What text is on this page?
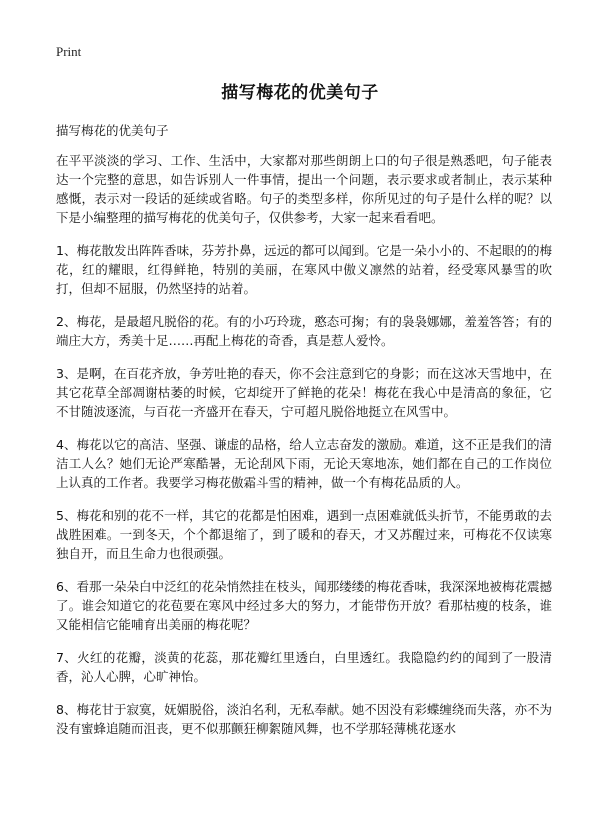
Print
描写梅花的优美句子

描写梅花的优美句子

在平平淡淡的学习、工作、生活中，大家都对那些朗朗上口的句子很是熟悉吧，句子能表达一个完整的意思，如告诉别人一件事情，提出一个问题，表示要求或者制止，表示某种感慨，表示对一段话的延续或省略。句子的类型多样，你所见过的句子是什么样的呢？以下是小编整理的描写梅花的优美句子，仅供参考，大家一起来看看吧。

1、梅花散发出阵阵香味，芬芳扑鼻，远远的都可以闻到。它是一朵小小的、不起眼的的梅花，红的耀眼，红得鲜艳，特别的美丽，在寒风中傲义凛然的站着，经受寒风暴雪的吹打，但却不屈服，仍然坚持的站着。

2、梅花，是最超凡脱俗的花。有的小巧玲珑，憨态可掬；有的袅袅娜娜，羞羞答答；有的端庄大方，秀美十足……再配上梅花的奇香，真是惹人爱怜。

3、是啊，在百花齐放，争芳吐艳的春天，你不会注意到它的身影；而在这冰天雪地中，在其它花草全部凋谢枯萎的时候，它却绽开了鲜艳的花朵！梅花在我心中是清高的象征，它不甘随波逐流，与百花一齐盛开在春天，宁可超凡脱俗地挺立在风雪中。

4、梅花以它的高洁、坚强、谦虚的品格，给人立志奋发的激励。难道，这不正是我们的清洁工人么？她们无论严寒酷暑，无论刮风下雨，无论天寒地冻，她们都在自己的工作岗位上认真的工作者。我要学习梅花傲霜斗雪的精神，做一个有梅花品质的人。

5、梅花和别的花不一样，其它的花都是怕困难，遇到一点困难就低头折节，不能勇敢的去战胜困难。一到冬天，个个都退缩了，到了暖和的春天，才又苏醒过来，可梅花不仅读寒独自开，而且生命力也很顽强。

6、看那一朵朵白中泛红的花朵悄然挂在枝头，闻那缕缕的梅花香味，我深深地被梅花震撼了。谁会知道它的花苞要在寒风中经过多大的努力，才能带伤开放？看那枯瘦的枝条，谁又能相信它能哺育出美丽的梅花呢？

7、火红的花瓣，淡黄的花蕊，那花瓣红里透白，白里透红。我隐隐约约的闻到了一股清香，沁人心脾，心旷神怡。

8、梅花甘于寂寞，妩媚脱俗，淡泊名利，无私奉献。她不因没有彩蝶缠绕而失落，亦不为没有蜜蜂追随而沮丧，更不似那颤狂柳絮随风舞，也不学那轻薄桃花逐水
